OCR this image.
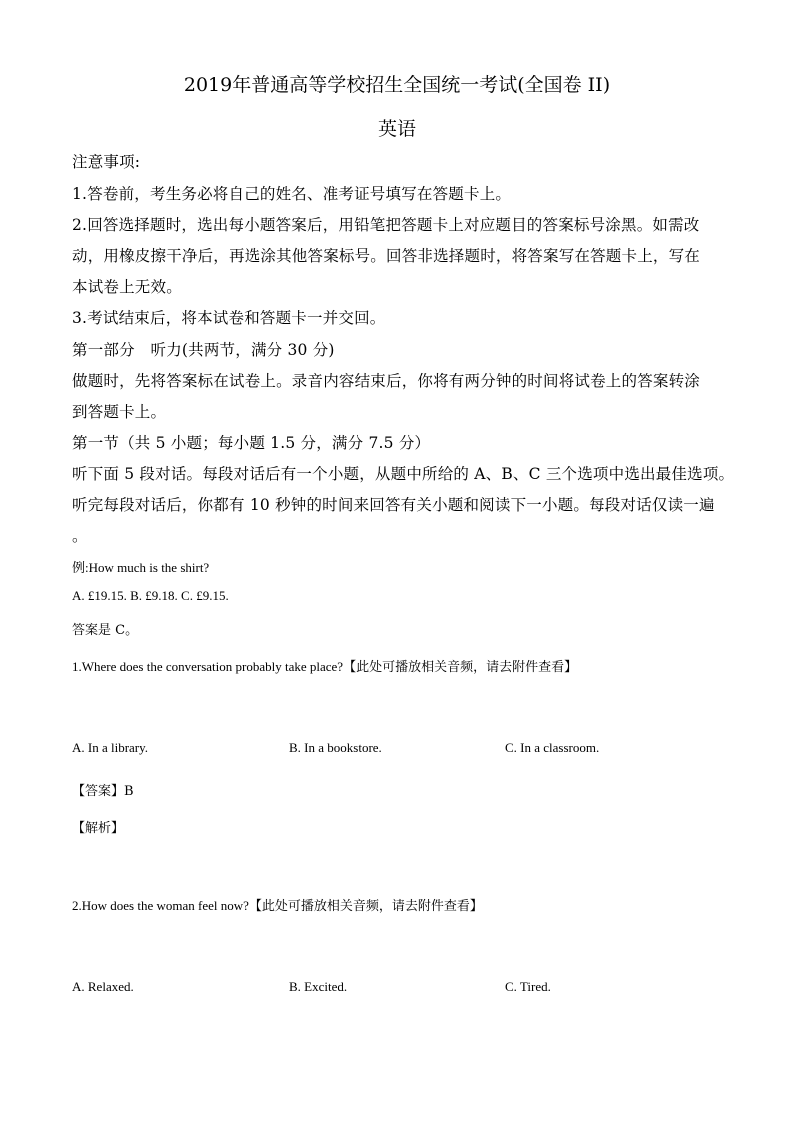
2019年普通高等学校招生全国统一考试(全国卷 II)

英语

注意事项:

1.答卷前，考生务必将自己的姓名、准考证号填写在答题卡上。

2.回答选择题时，选出每小题答案后，用铅笔把答题卡上对应题目的答案标号涂黑。如需改

动，用橡皮擦干净后，再选涂其他答案标号。回答非选择题时，将答案写在答题卡上，写在

本试卷上无效。

3.考试结束后，将本试卷和答题卡一并交回。

第一部分　听力(共两节，满分 30 分)

做题时，先将答案标在试卷上。录音内容结束后，你将有两分钟的时间将试卷上的答案转涂

到答题卡上。

第一节（共 5 小题；每小题 1.5 分，满分 7.5 分）

听下面 5 段对话。每段对话后有一个小题，从题中所给的 A、B、C 三个选项中选出最佳选项。

听完每段对话后，你都有 10 秒钟的时间来回答有关小题和阅读下一小题。每段对话仅读一遍

。

例:How much is the shirt?

A. £19.15. B. £9.18. C. £9.15.

答案是 C。

1.Where does the conversation probably take place?【此处可播放相关音频，请去附件查看】

A. In a library.	B. In a bookstore.	C. In a classroom.

【答案】B

【解析】

2.How does the woman feel now?【此处可播放相关音频，请去附件查看】

A. Relaxed.	B. Excited.	C. Tired.
